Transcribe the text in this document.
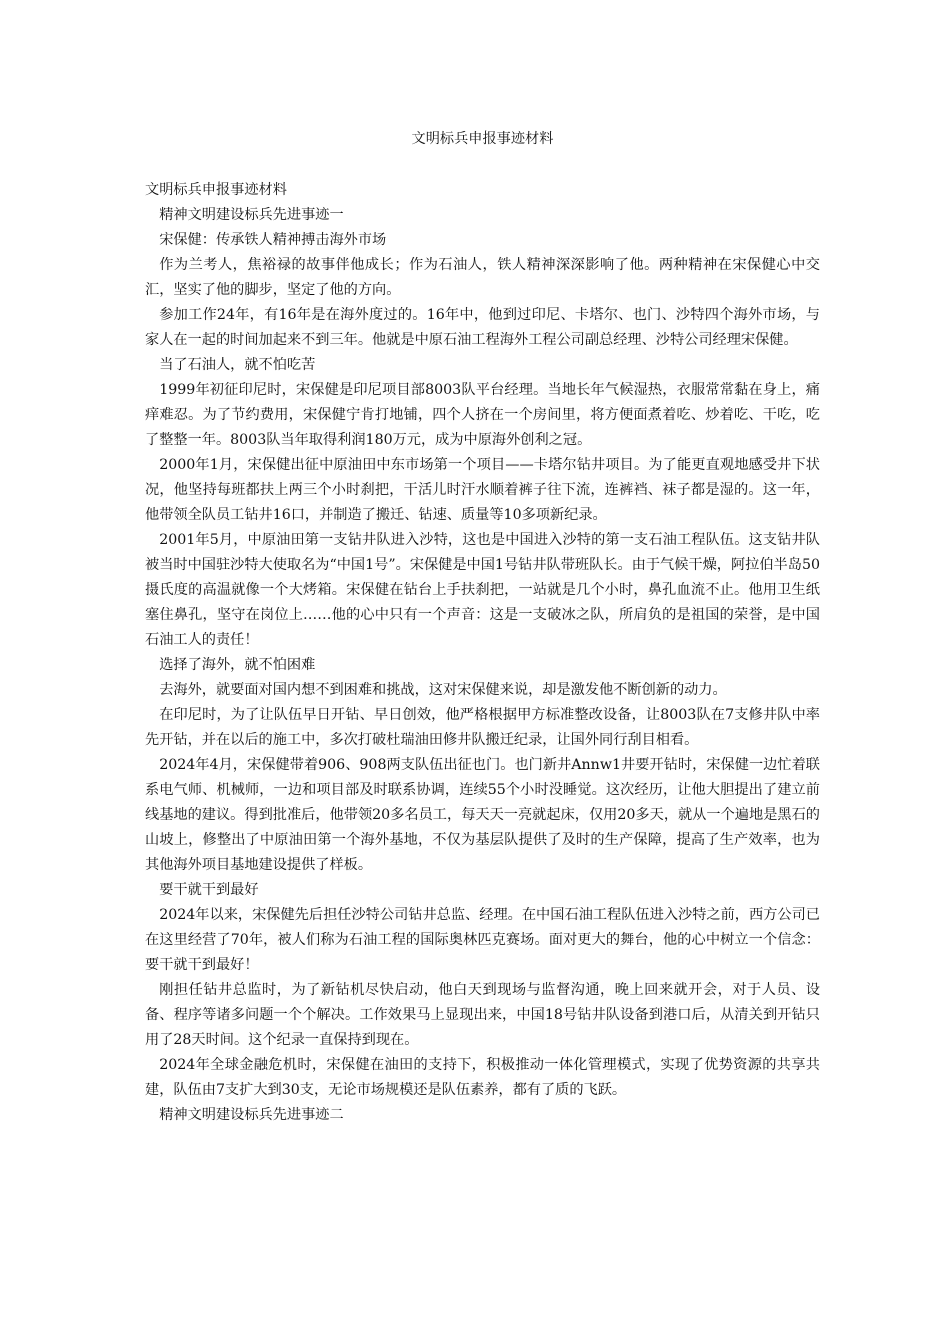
文明标兵申报事迹材料

文明标兵申报事迹材料

精神文明建设标兵先进事迹一

宋保健：传承铁人精神搏击海外市场

作为兰考人，焦裕禄的故事伴他成长；作为石油人，铁人精神深深影响了他。两种精神在宋保健心中交汇，坚实了他的脚步，坚定了他的方向。

参加工作24年，有16年是在海外度过的。16年中，他到过印尼、卡塔尔、也门、沙特四个海外市场，与家人在一起的时间加起来不到三年。他就是中原石油工程海外工程公司副总经理、沙特公司经理宋保健。

当了石油人，就不怕吃苦

1999年初征印尼时，宋保健是印尼项目部8003队平台经理。当地长年气候湿热，衣服常常黏在身上，痛痒难忍。为了节约费用，宋保健宁肯打地铺，四个人挤在一个房间里，将方便面煮着吃、炒着吃、干吃，吃了整整一年。8003队当年取得利润180万元，成为中原海外创利之冠。

2000年1月，宋保健出征中原油田中东市场第一个项目——卡塔尔钻井项目。为了能更直观地感受井下状况，他坚持每班都扶上两三个小时刹把，干活儿时汗水顺着裤子往下流，连裤裆、袜子都是湿的。这一年，他带领全队员工钻井16口，并制造了搬迁、钻速、质量等10多项新纪录。

2001年5月，中原油田第一支钻井队进入沙特，这也是中国进入沙特的第一支石油工程队伍。这支钻井队被当时中国驻沙特大使取名为“中国1号”。宋保健是中国1号钻井队带班队长。由于气候干燥，阿拉伯半岛50摄氏度的高温就像一个大烤箱。宋保健在钻台上手扶刹把，一站就是几个小时，鼻孔血流不止。他用卫生纸塞住鼻孔，坚守在岗位上……他的心中只有一个声音：这是一支破冰之队，所肩负的是祖国的荣誉，是中国石油工人的责任！

选择了海外，就不怕困难

去海外，就要面对国内想不到困难和挑战，这对宋保健来说，却是激发他不断创新的动力。

在印尼时，为了让队伍早日开钻、早日创效，他严格根据甲方标准整改设备，让8003队在7支修井队中率先开钻，并在以后的施工中，多次打破杜瑞油田修井队搬迁纪录，让国外同行刮目相看。

2024年4月，宋保健带着906、908两支队伍出征也门。也门新井Annw1井要开钻时，宋保健一边忙着联系电气师、机械师，一边和项目部及时联系协调，连续55个小时没睡觉。这次经历，让他大胆提出了建立前线基地的建议。得到批准后，他带领20多名员工，每天天一亮就起床，仅用20多天，就从一个遍地是黑石的山坡上，修整出了中原油田第一个海外基地，不仅为基层队提供了及时的生产保障，提高了生产效率，也为其他海外项目基地建设提供了样板。

要干就干到最好

2024年以来，宋保健先后担任沙特公司钻井总监、经理。在中国石油工程队伍进入沙特之前，西方公司已在这里经营了70年，被人们称为石油工程的国际奥林匹克赛场。面对更大的舞台，他的心中树立一个信念：要干就干到最好！

刚担任钻井总监时，为了新钻机尽快启动，他白天到现场与监督沟通，晚上回来就开会，对于人员、设备、程序等诸多问题一个个解决。工作效果马上显现出来，中国18号钻井队设备到港口后，从清关到开钻只用了28天时间。这个纪录一直保持到现在。

2024年全球金融危机时，宋保健在油田的支持下，积极推动一体化管理模式，实现了优势资源的共享共建，队伍由7支扩大到30支，无论市场规模还是队伍素养，都有了质的飞跃。

精神文明建设标兵先进事迹二
